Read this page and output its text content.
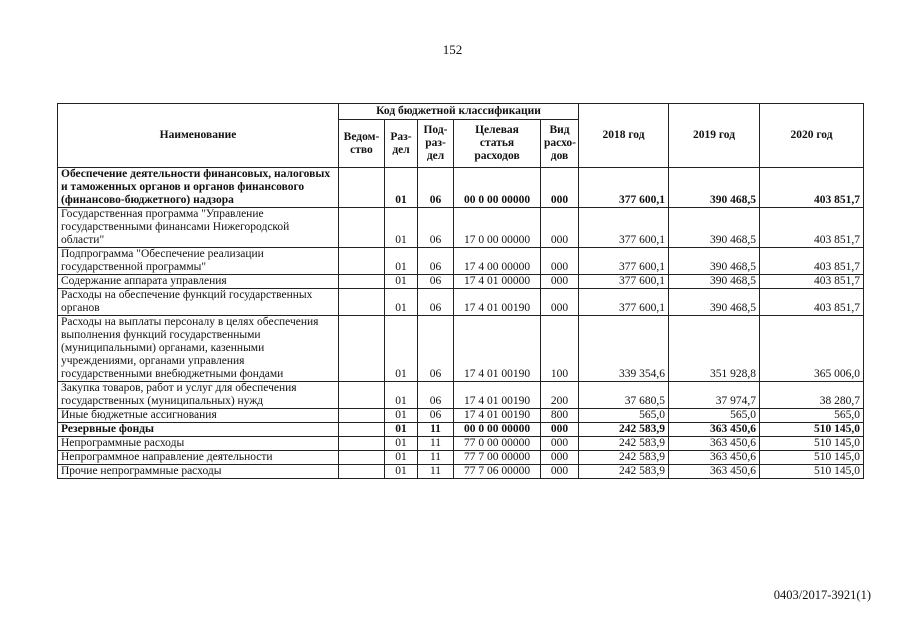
152
Наименование	Код бюджетной классификации					2018 год	2019 год	2020 год
	Ведом-ство	Раз-дел	Под-раз-дел	Целевая статья расходов	Вид расхо-дов			
Обеспечение деятельности финансовых, налоговых и таможенных органов и органов финансового (финансово-бюджетного) надзора		01	06	00 0 00 00000	000	377 600,1	390 468,5	403 851,7
Государственная программа "Управление государственными финансами Нижегородской области"		01	06	17 0 00 00000	000	377 600,1	390 468,5	403 851,7
Подпрограмма "Обеспечение реализации государственной программы"		01	06	17 4 00 00000	000	377 600,1	390 468,5	403 851,7
Содержание аппарата управления		01	06	17 4 01 00000	000	377 600,1	390 468,5	403 851,7
Расходы на обеспечение функций государственных органов		01	06	17 4 01 00190	000	377 600,1	390 468,5	403 851,7
Расходы на выплаты персоналу в целях обеспечения выполнения функций государственными (муниципальными) органами, казенными учреждениями, органами управления государственными внебюджетными фондами		01	06	17 4 01 00190	100	339 354,6	351 928,8	365 006,0
Закупка товаров, работ и услуг для обеспечения государственных (муниципальных) нужд		01	06	17 4 01 00190	200	37 680,5	37 974,7	38 280,7
Иные бюджетные ассигнования		01	06	17 4 01 00190	800	565,0	565,0	565,0
Резервные фонды		01	11	00 0 00 00000	000	242 583,9	363 450,6	510 145,0
Непрограммные расходы		01	11	77 0 00 00000	000	242 583,9	363 450,6	510 145,0
Непрограммное направление деятельности		01	11	77 7 00 00000	000	242 583,9	363 450,6	510 145,0
Прочие непрограммные расходы		01	11	77 7 06 00000	000	242 583,9	363 450,6	510 145,0
0403/2017-3921(1)
